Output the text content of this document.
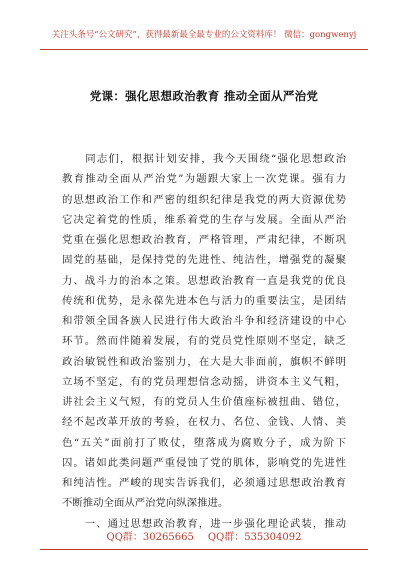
关注头条号“公文研究”，获得最新最全最专业的公文资料库！ 微信：gongwenyj
党课：强化思想政治教育 推动全面从严治党
　　同志们，根据计划安排，我今天围绕“强化思想政治
教育推动全面从严治党”为题跟大家上一次党课。强有力
的思想政治工作和严密的组织纪律是我党的两大资源优势
它决定着党的性质，维系着党的生存与发展。全面从严治
党重在强化思想政治教育，严格管理，严肃纪律，不断巩
固党的基础，是保持党的先进性、纯洁性，增强党的凝聚
力、战斗力的治本之策。思想政治教育一直是我党的优良
传统和优势，是永葆先进本色与活力的重要法宝，是团结
和带领全国各族人民进行伟大政治斗争和经济建设的中心
环节。然而伴随着发展，有的党员党性原则不坚定，缺乏
政治敏锐性和政治鉴别力，在大是大非面前，旗帜不鲜明
立场不坚定，有的党员理想信念动摇，讲资本主义气粗，
讲社会主义气短，有的党员人生价值座标被扭曲、错位，
经不起改革开放的考验，在权力、名位、金钱、人情、美
色“五关”面前打了败仗，堕落成为腐败分子，成为阶下
囚。诸如此类问题严重侵蚀了党的肌体，影响党的先进性
和纯洁性。严峻的现实告诉我们，必须通过思想政治教育
不断推动全面从严治党向纵深推进。
　　一、通过思想政治教育，进一步强化理论武装，推动
QQ群：30265665 QQ群：535304092
